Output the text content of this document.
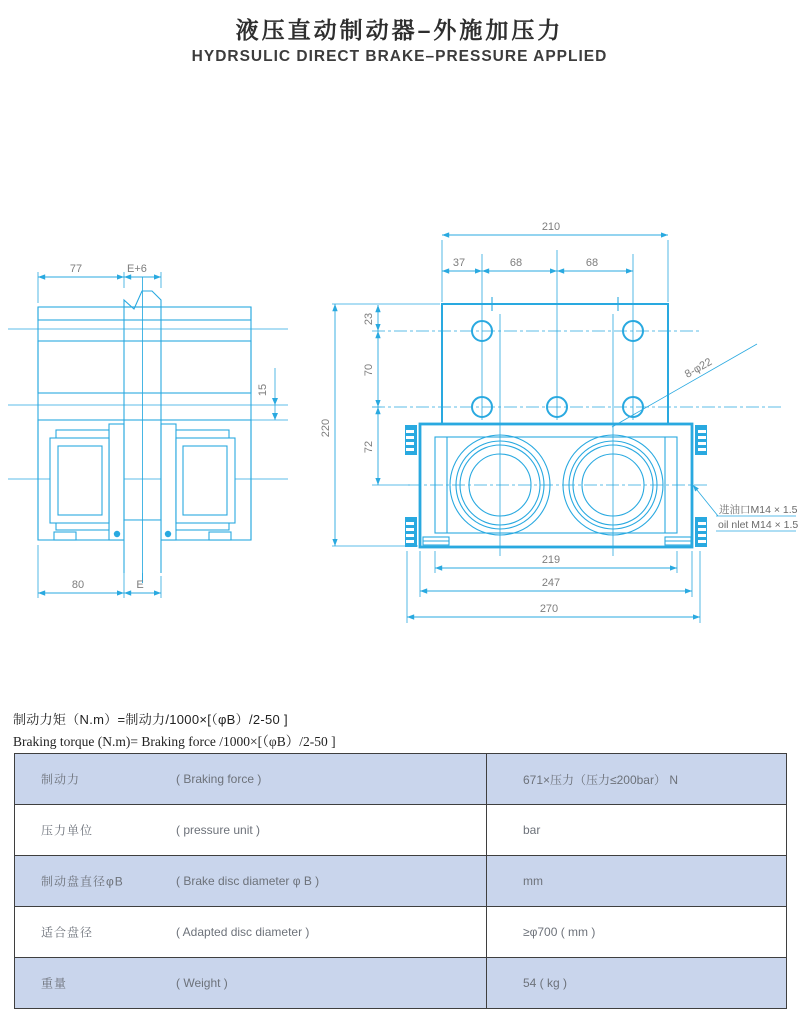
液压直动制动器–外施加压力
HYDRSULIC DIRECT BRAKE–PRESSURE APPLIED
77	E+6
15
80	E
8-φ22
进油口M14 × 1.5
oil nlet M14 × 1.5
210
37	68	68
220
23
70
72
219
247
270

制动力矩（N.m）=制动力/1000×[（φB）/2-50 ]

Braking torque (N.m)= Braking force /1000×[（φB）/2-50 ]

制动力	( Braking force )	671×压力（压力≤200bar） N
压力单位	( pressure unit )	bar
制动盘直径φB	( Brake disc diameter φ B )	mm
适合盘径	( Adapted disc diameter )	≥φ700 ( mm )
重量	( Weight )	54 ( kg )
